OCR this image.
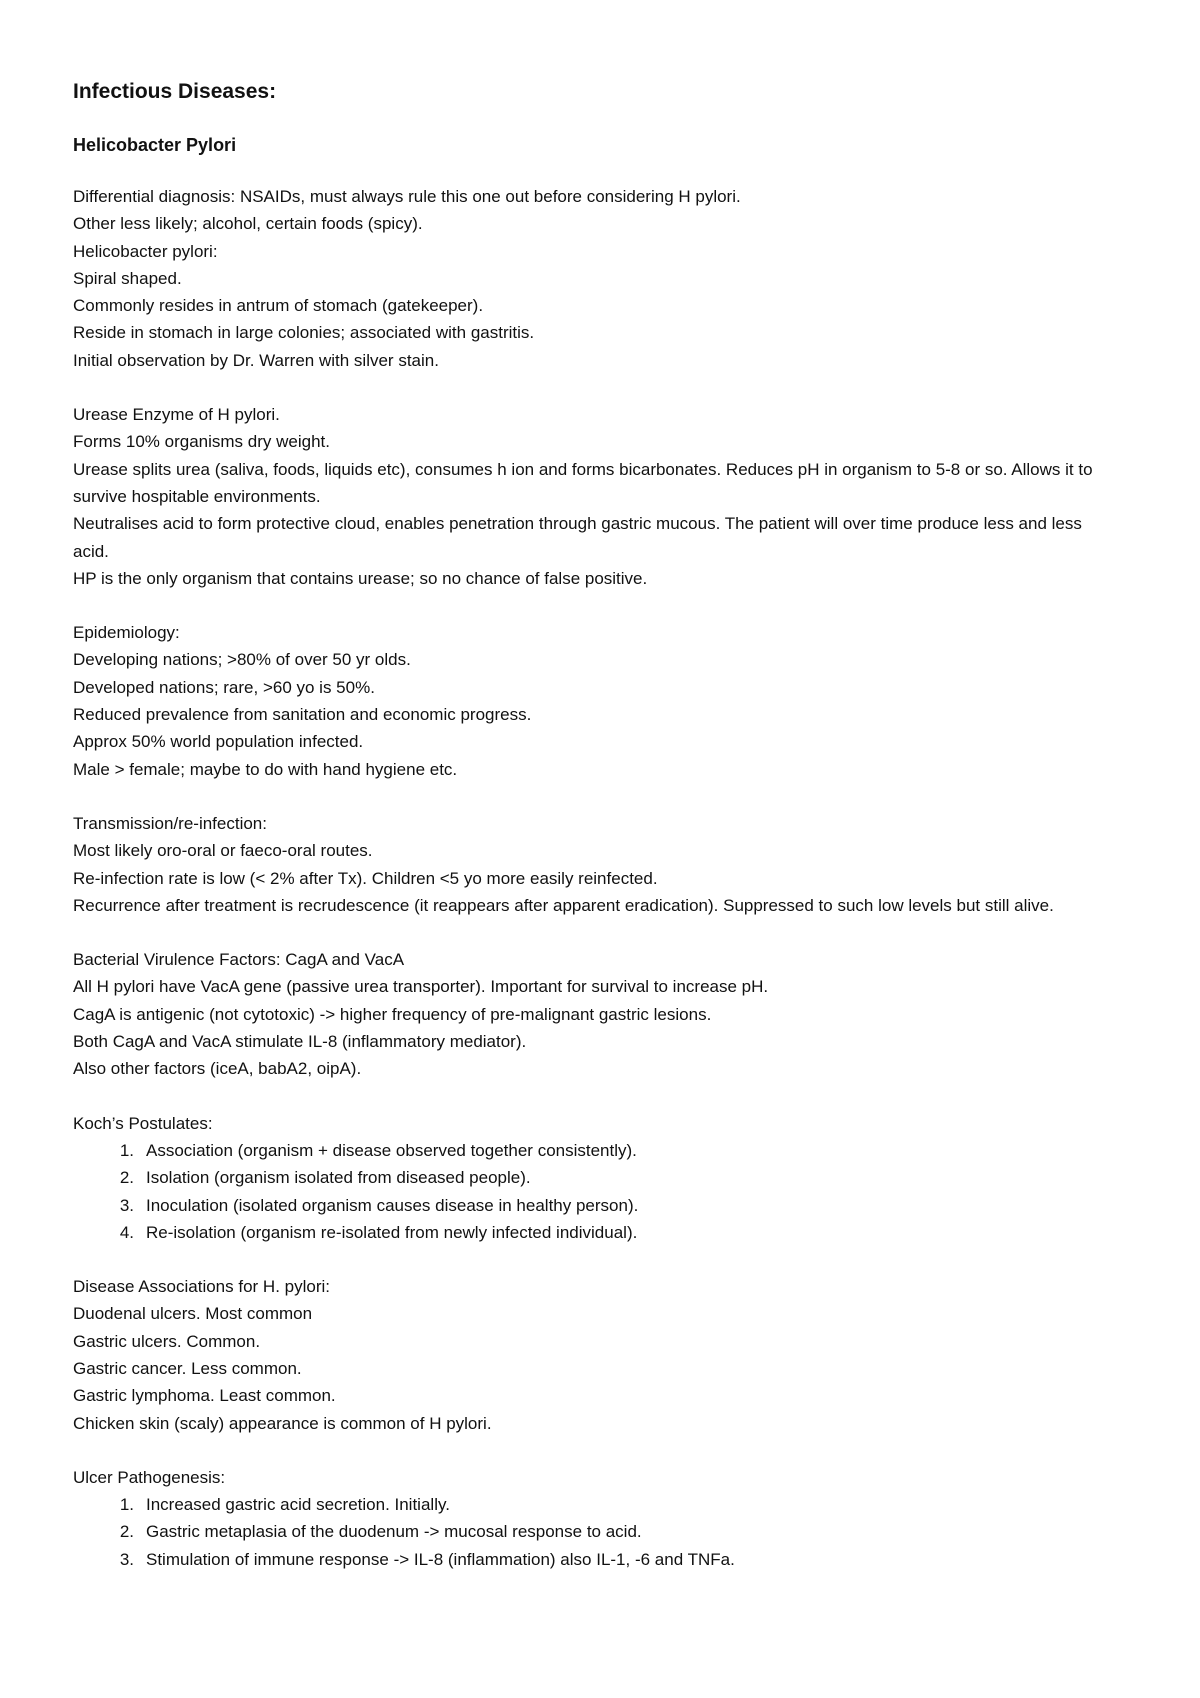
Infectious Diseases:
Helicobacter Pylori

Differential diagnosis: NSAIDs, must always rule this one out before considering H pylori.

Other less likely; alcohol, certain foods (spicy).

Helicobacter pylori:

Spiral shaped.

Commonly resides in antrum of stomach (gatekeeper).

Reside in stomach in large colonies; associated with gastritis.

Initial observation by Dr. Warren with silver stain.

Urease Enzyme of H pylori.

Forms 10% organisms dry weight.

Urease splits urea (saliva, foods, liquids etc), consumes h ion and forms bicarbonates. Reduces pH in organism to 5-8 or so. Allows it to survive hospitable environments.

Neutralises acid to form protective cloud, enables penetration through gastric mucous. The patient will over time produce less and less acid.

HP is the only organism that contains urease; so no chance of false positive.

Epidemiology:

Developing nations; >80% of over 50 yr olds.

Developed nations; rare, >60 yo is 50%.

Reduced prevalence from sanitation and economic progress.

Approx 50% world population infected.

Male > female; maybe to do with hand hygiene etc.

Transmission/re-infection:

Most likely oro-oral or faeco-oral routes.

Re-infection rate is low (< 2% after Tx). Children <5 yo more easily reinfected.

Recurrence after treatment is recrudescence (it reappears after apparent eradication). Suppressed to such low levels but still alive.

Bacterial Virulence Factors: CagA and VacA

All H pylori have VacA gene (passive urea transporter). Important for survival to increase pH.

CagA is antigenic (not cytotoxic) -> higher frequency of pre-malignant gastric lesions.

Both CagA and VacA stimulate IL-8 (inflammatory mediator).

Also other factors (iceA, babA2, oipA).

Koch’s Postulates:

1. Association (organism + disease observed together consistently).
2. Isolation (organism isolated from diseased people).
3. Inoculation (isolated organism causes disease in healthy person).
4. Re-isolation (organism re-isolated from newly infected individual).

Disease Associations for H. pylori:

Duodenal ulcers. Most common

Gastric ulcers. Common.

Gastric cancer. Less common.

Gastric lymphoma. Least common.

Chicken skin (scaly) appearance is common of H pylori.

Ulcer Pathogenesis:

1. Increased gastric acid secretion. Initially.
2. Gastric metaplasia of the duodenum -> mucosal response to acid.
3. Stimulation of immune response -> IL-8 (inflammation) also IL-1, -6 and TNFa.
